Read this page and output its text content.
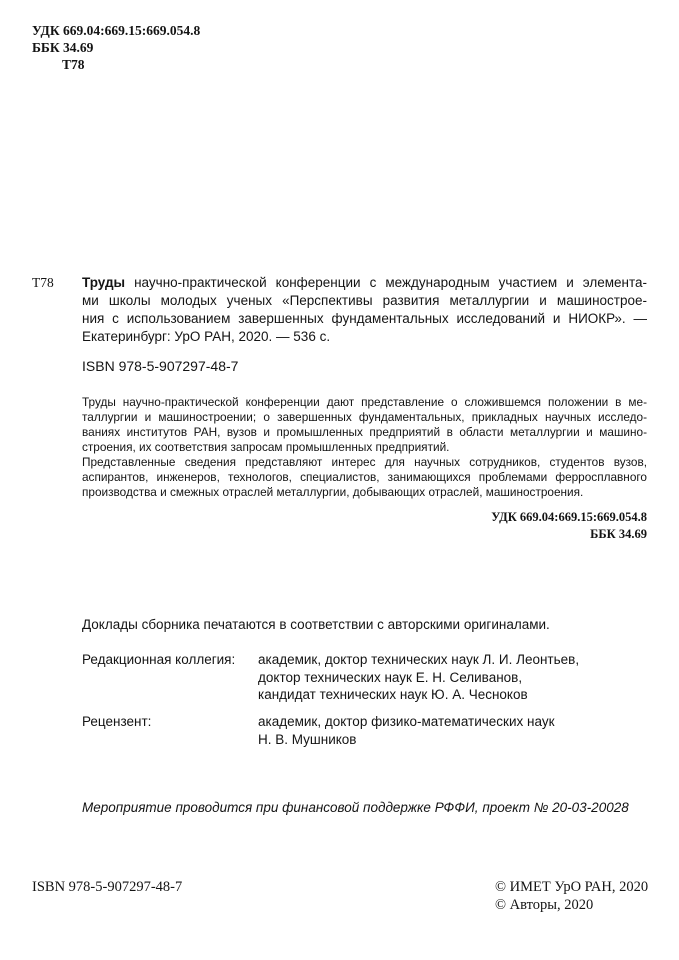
УДК 669.04:669.15:669.054.8
ББК 34.69
Т78
Т78 Труды научно-практической конференции с международным участием и элемента-
ми школы молодых ученых «Перспективы развития металлургии и машинострое-
ния с использованием завершенных фундаментальных исследований и НИОКР». —
Екатеринбург: УрО РАН, 2020. — 536 с.
ISBN 978-5-907297-48-7
Труды научно-практической конференции дают представление о сложившемся положении в ме-
таллургии и машиностроении; о завершенных фундаментальных, прикладных научных исследо-
ваниях институтов РАН, вузов и промышленных предприятий в области металлургии и машино-
строения, их соответствия запросам промышленных предприятий.
Представленные сведения представляют интерес для научных сотрудников, студентов вузов,
аспирантов, инженеров, технологов, специалистов, занимающихся проблемами ферросплавного
производства и смежных отраслей металлургии, добывающих отраслей, машиностроения.
УДК 669.04:669.15:669.054.8
ББК 34.69
Доклады сборника печатаются в соответствии с авторскими оригиналами.
Редакционная коллегия: академик, доктор технических наук Л. И. Леонтьев,
доктор технических наук Е. Н. Селиванов,
кандидат технических наук Ю. А. Чесноков
Рецензент:	академик, доктор физико-математических наук
Н. В. Мушников
Мероприятие проводится при финансовой поддержке РФФИ, проект № 20-03-20028
ISBN 978-5-907297-48-7	© ИМЕТ УрО РАН, 2020
© Авторы, 2020
